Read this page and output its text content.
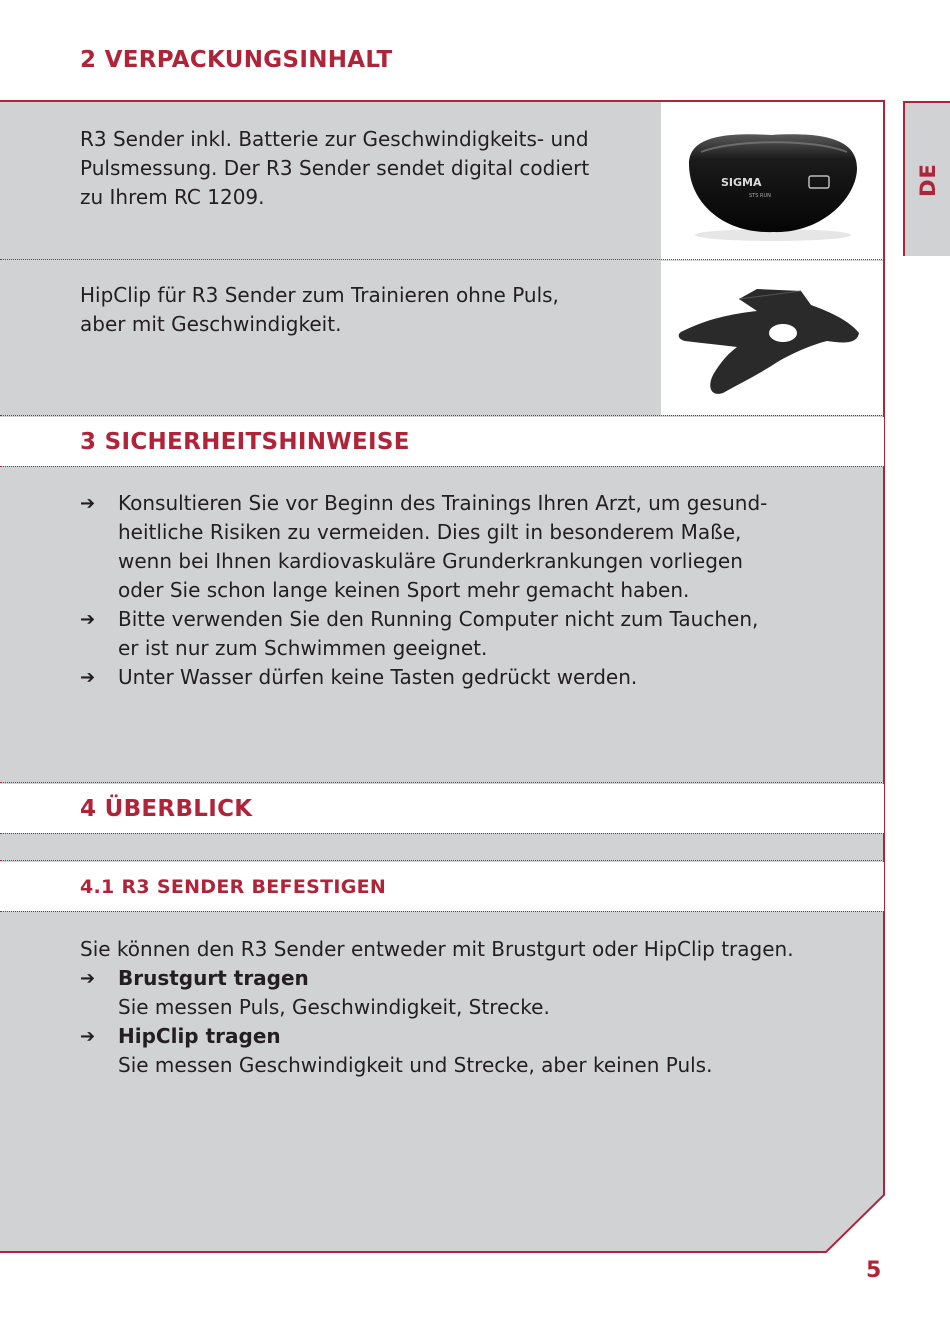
2 VERPACKUNGSINHALT
SIGMA
STS RUN
R3 Sender inkl. Batterie zur Geschwindigkeits- und
Pulsmessung. Der R3 Sender sendet digital codiert
zu Ihrem RC 1209.
HipClip für R3 Sender zum Trainieren ohne Puls,
aber mit Geschwindigkeit.
3 SICHERHEITSHINWEISE
➔ Konsultieren Sie vor Beginn des Trainings Ihren Arzt, um gesund-
heitliche Risiken zu vermeiden. Dies gilt in besonderem Maße,
wenn bei Ihnen kardiovaskuläre Grunderkrankungen vorliegen
oder Sie schon lange keinen Sport mehr gemacht haben.
➔ Bitte verwenden Sie den Running Computer nicht zum Tauchen,
er ist nur zum Schwimmen geeignet.
➔ Unter Wasser dürfen keine Tasten gedrückt werden.
4 ÜBERBLICK
4.1 R3 SENDER BEFESTIGEN
Sie können den R3 Sender entweder mit Brustgurt oder HipClip tragen.
➔ Brustgurt tragen
Sie messen Puls, Geschwindigkeit, Strecke.
➔ HipClip tragen
Sie messen Geschwindigkeit und Strecke, aber keinen Puls.
DE
5
